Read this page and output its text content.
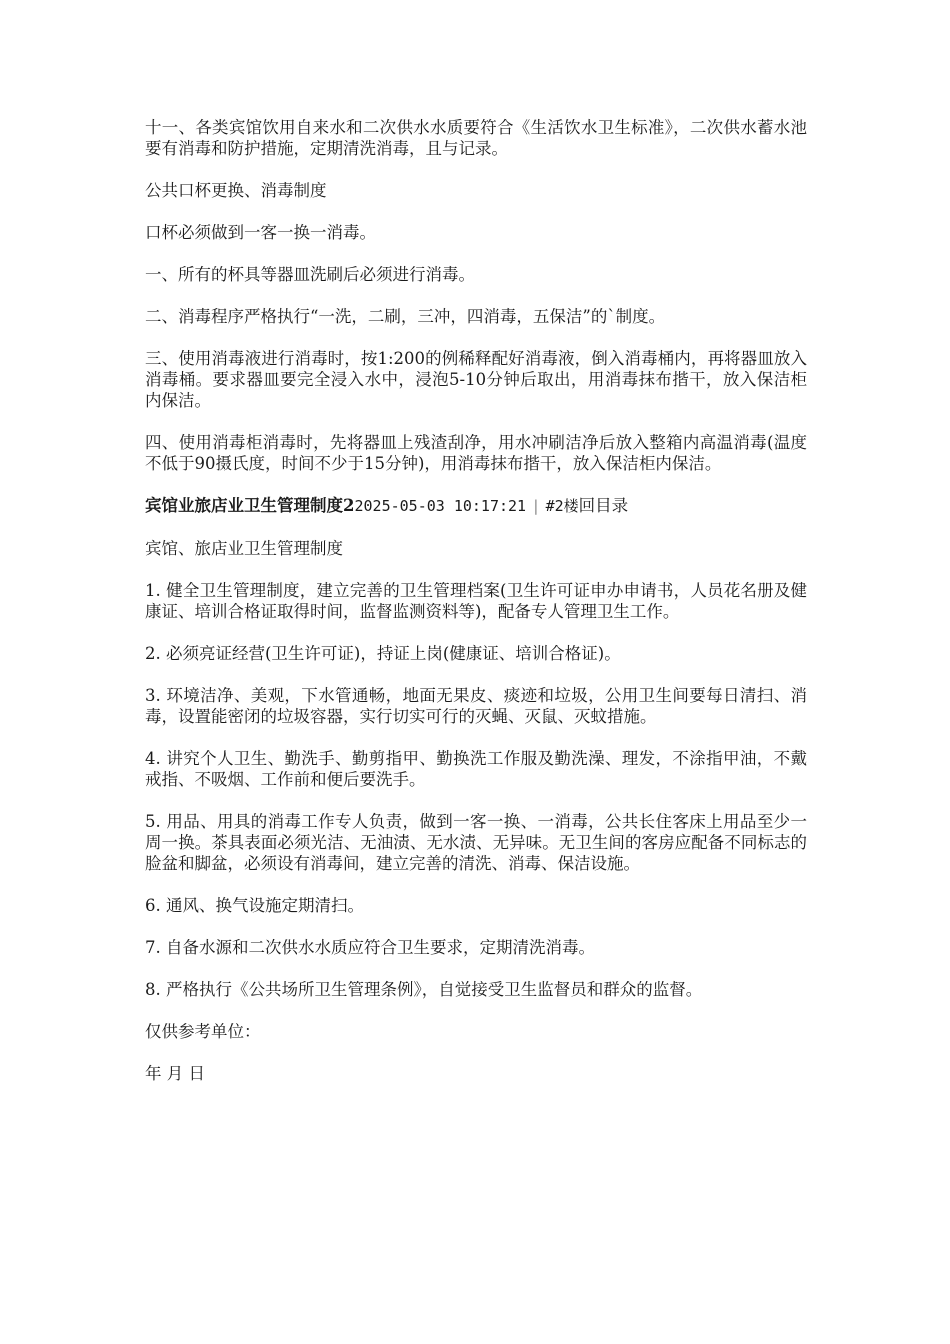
十一、各类宾馆饮用自来水和二次供水水质要符合《生活饮水卫生标准》，二次供水蓄水池要有消毒和防护措施，定期清洗消毒，且与记录。

公共口杯更换、消毒制度

口杯必须做到一客一换一消毒。

一、所有的杯具等器皿洗刷后必须进行消毒。

二、消毒程序严格执行“一洗，二刷，三冲，四消毒，五保洁”的`制度。

三、使用消毒液进行消毒时，按1:200的例稀释配好消毒液，倒入消毒桶内，再将器皿放入消毒桶。要求器皿要完全浸入水中，浸泡5-10分钟后取出，用消毒抹布揩干，放入保洁柜内保洁。

四、使用消毒柜消毒时，先将器皿上残渣刮净，用水冲刷洁净后放入整箱内高温消毒(温度不低于90摄氏度，时间不少于15分钟)，用消毒抹布揩干，放入保洁柜内保洁。

宾馆业旅店业卫生管理制度22025-05-03 10:17:21 | #2楼回目录

宾馆、旅店业卫生管理制度

1. 健全卫生管理制度，建立完善的卫生管理档案(卫生许可证申办申请书，人员花名册及健康证、培训合格证取得时间，监督监测资料等)，配备专人管理卫生工作。

2. 必须亮证经营(卫生许可证)，持证上岗(健康证、培训合格证)。

3. 环境洁净、美观，下水管通畅，地面无果皮、痰迹和垃圾，公用卫生间要每日清扫、消毒，设置能密闭的垃圾容器，实行切实可行的灭蝇、灭鼠、灭蚊措施。

4. 讲究个人卫生、勤洗手、勤剪指甲、勤换洗工作服及勤洗澡、理发，不涂指甲油，不戴戒指、不吸烟、工作前和便后要洗手。

5. 用品、用具的消毒工作专人负责，做到一客一换、一消毒，公共长住客床上用品至少一周一换。茶具表面必须光洁、无油渍、无水渍、无异味。无卫生间的客房应配备不同标志的脸盆和脚盆，必须设有消毒间，建立完善的清洗、消毒、保洁设施。

6. 通风、换气设施定期清扫。

7. 自备水源和二次供水水质应符合卫生要求，定期清洗消毒。

8. 严格执行《公共场所卫生管理条例》，自觉接受卫生监督员和群众的监督。

仅供参考单位：

年 月 日
